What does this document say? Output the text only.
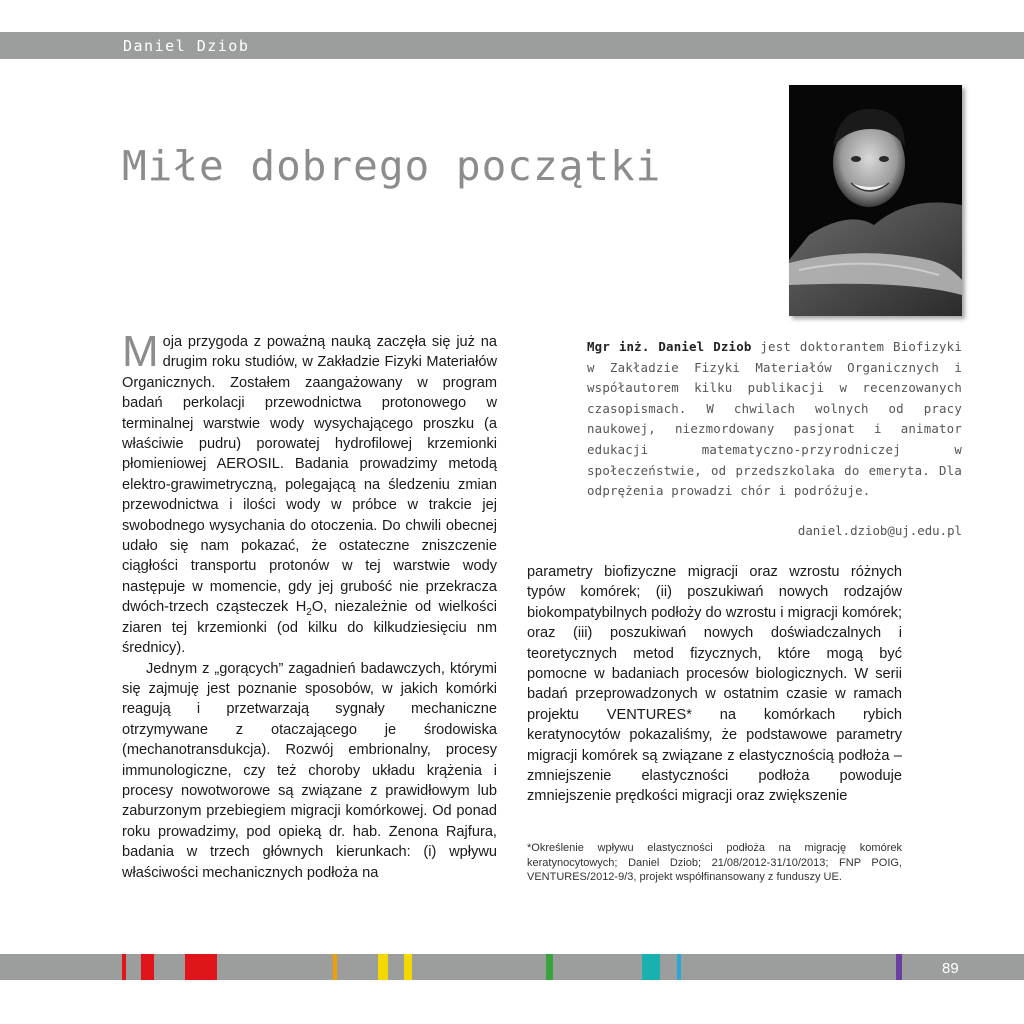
Daniel Dziob
Miłe dobrego początki

Moja przygoda z poważną nauką zaczęła się już na drugim roku studiów, w Zakładzie Fizyki Materiałów Organicznych. Zostałem zaangażowany w program badań perkolacji przewodnictwa protonowego w terminalnej warstwie wody wysychającego proszku (a właściwie pudru) porowatej hydrofilowej krzemionki płomieniowej AEROSIL. Badania prowadzimy metodą elektro-grawimetryczną, polegającą na śledzeniu zmian przewodnictwa i ilości wody w próbce w trakcie jej swobodnego wysychania do otoczenia. Do chwili obecnej udało się nam pokazać, że ostateczne zniszczenie ciągłości transportu protonów w tej warstwie wody następuje w momencie, gdy jej grubość nie przekracza dwóch-trzech cząsteczek $H_2O$, niezależnie od wielkości ziaren tej krzemionki (od kilku do kilkudziesięciu nm średnicy).

Jednym z „gorących” zagadnień badawczych, którymi się zajmuję jest poznanie sposobów, w jakich komórki reagują i przetwarzają sygnały mechaniczne otrzymywane z otaczającego je środowiska (mechanotransdukcja). Rozwój embrionalny, procesy immunologiczne, czy też choroby układu krążenia i procesy nowotworowe są związane z prawidłowym lub zaburzonym przebiegiem migracji komórkowej. Od ponad roku prowadzimy, pod opieką dr. hab. Zenona Rajfura, badania w trzech głównych kierunkach: (i) wpływu właściwości mechanicznych podłoża na

Mgr inż. Daniel Dziob jest doktorantem Biofizyki w Zakładzie Fizyki Materiałów Organicznych i współautorem kilku publikacji w recenzowanych czasopismach. W chwilach wolnych od pracy naukowej, niezmordowany pasjonat i animator edukacji matematyczno-przyrodniczej w społeczeństwie, od przedszkolaka do emeryta. Dla odprężenia prowadzi chór i podróżuje.
daniel.dziob@uj.edu.pl

parametry biofizyczne migracji oraz wzrostu różnych typów komórek; (ii) poszukiwań nowych rodzajów biokompatybilnych podłoży do wzrostu i migracji komórek; oraz (iii) poszukiwań nowych doświadczalnych i teoretycznych metod fizycznych, które mogą być pomocne w badaniach procesów biologicznych. W serii badań przeprowadzonych w ostatnim czasie w ramach projektu VENTURES* na komórkach rybich keratynocytów pokazaliśmy, że podstawowe parametry migracji komórek są związane z elastycznością podłoża – zmniejszenie elastyczności podłoża powoduje zmniejszenie prędkości migracji oraz zwiększenie

*Określenie wpływu elastyczności podłoża na migrację komórek keratynocytowych; Daniel Dziob; 21/08/2012-31/10/2013; FNP POIG, VENTURES/2012-9/3, projekt współfinansowany z funduszy UE.

89
